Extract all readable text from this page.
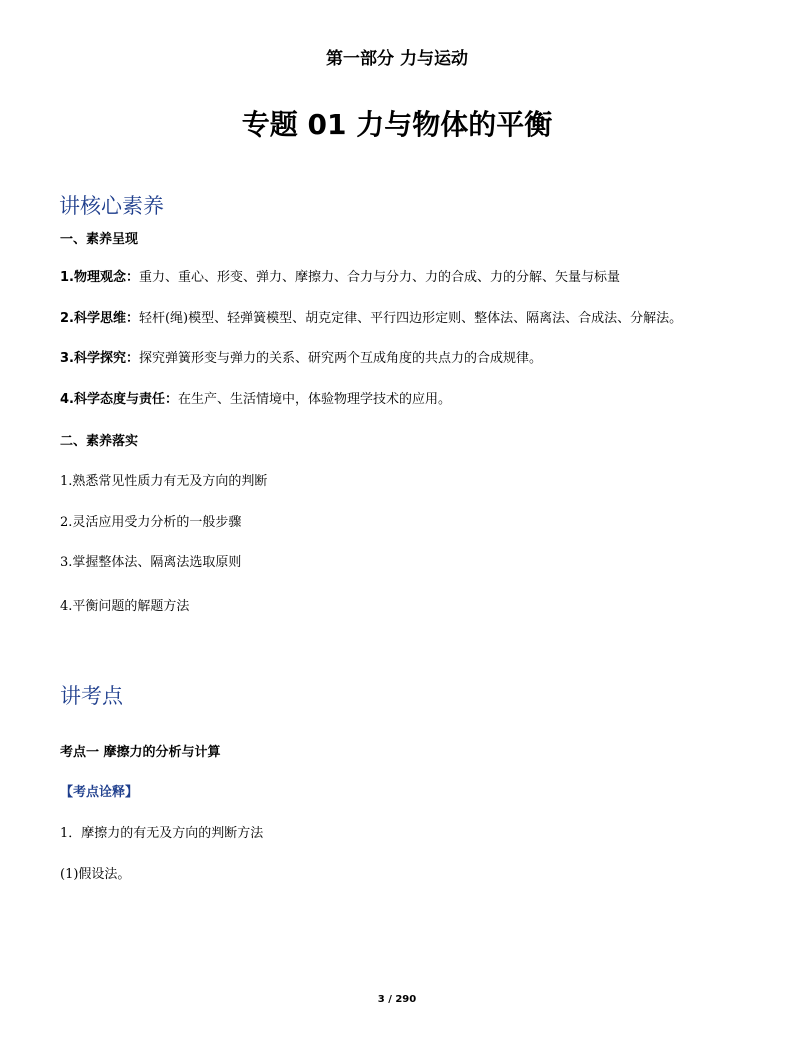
第一部分 力与运动
专题 01 力与物体的平衡
讲核心素养
一、素养呈现
1.物理观念：重力、重心、形变、弹力、摩擦力、合力与分力、力的合成、力的分解、矢量与标量
2.科学思维：轻杆(绳)模型、轻弹簧模型、胡克定律、平行四边形定则、整体法、隔离法、合成法、分解法。
3.科学探究：探究弹簧形变与弹力的关系、研究两个互成角度的共点力的合成规律。
4.科学态度与责任：在生产、生活情境中，体验物理学技术的应用。
二、素养落实
1.熟悉常见性质力有无及方向的判断
2.灵活应用受力分析的一般步骤
3.掌握整体法、隔离法选取原则
4.平衡问题的解题方法
讲考点
考点一 摩擦力的分析与计算
【考点诠释】
1．摩擦力的有无及方向的判断方法
(1)假设法。
3 / 290
